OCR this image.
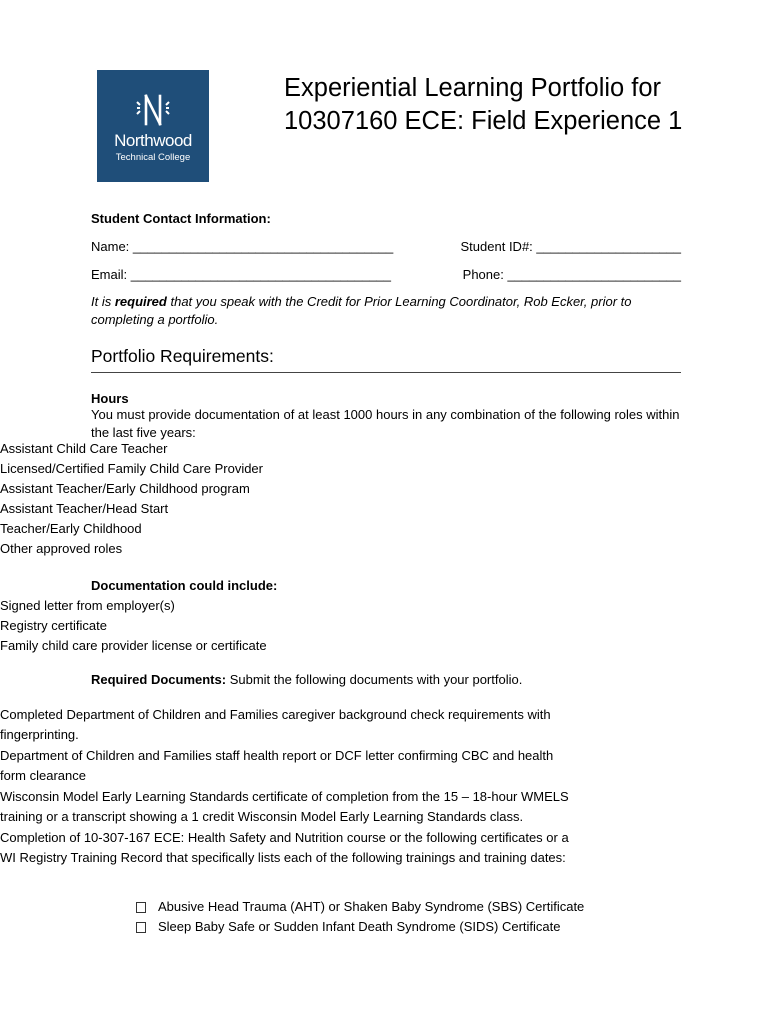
Northwood
Technical College
Experiential Learning Portfolio for 10307160 ECE: Field Experience 1

Student Contact Information:

Name: ____________________________________	Student ID#: ____________________
Email: ____________________________________	Phone: ________________________

It is required that you speak with the Credit for Prior Learning Coordinator, Rob Ecker, prior to completing a portfolio.

Portfolio Requirements:

Hours

You must provide documentation of at least 1000 hours in any combination of the following roles within the last five years:

• Assistant Child Care Teacher
• Licensed/Certified Family Child Care Provider
• Assistant Teacher/Early Childhood program
• Assistant Teacher/Head Start
• Teacher/Early Childhood
• Other approved roles

Documentation could include:

• Signed letter from employer(s)
• Registry certificate
• Family child care provider license or certificate

Required Documents: Submit the following documents with your portfolio.

• Completed Department of Children and Families caregiver background check requirements with fingerprinting.
• Department of Children and Families staff health report or DCF letter confirming CBC and health form clearance
• Wisconsin Model Early Learning Standards certificate of completion from the 15 – 18-hour WMELS training or a transcript showing a 1 credit Wisconsin Model Early Learning Standards class.
• Completion of 10-307-167 ECE: Health Safety and Nutrition course or the following certificates or a WI Registry Training Record that specifically lists each of the following trainings and training dates:
Abusive Head Trauma (AHT) or Shaken Baby Syndrome (SBS) Certificate
Sleep Baby Safe or Sudden Infant Death Syndrome (SIDS) Certificate
